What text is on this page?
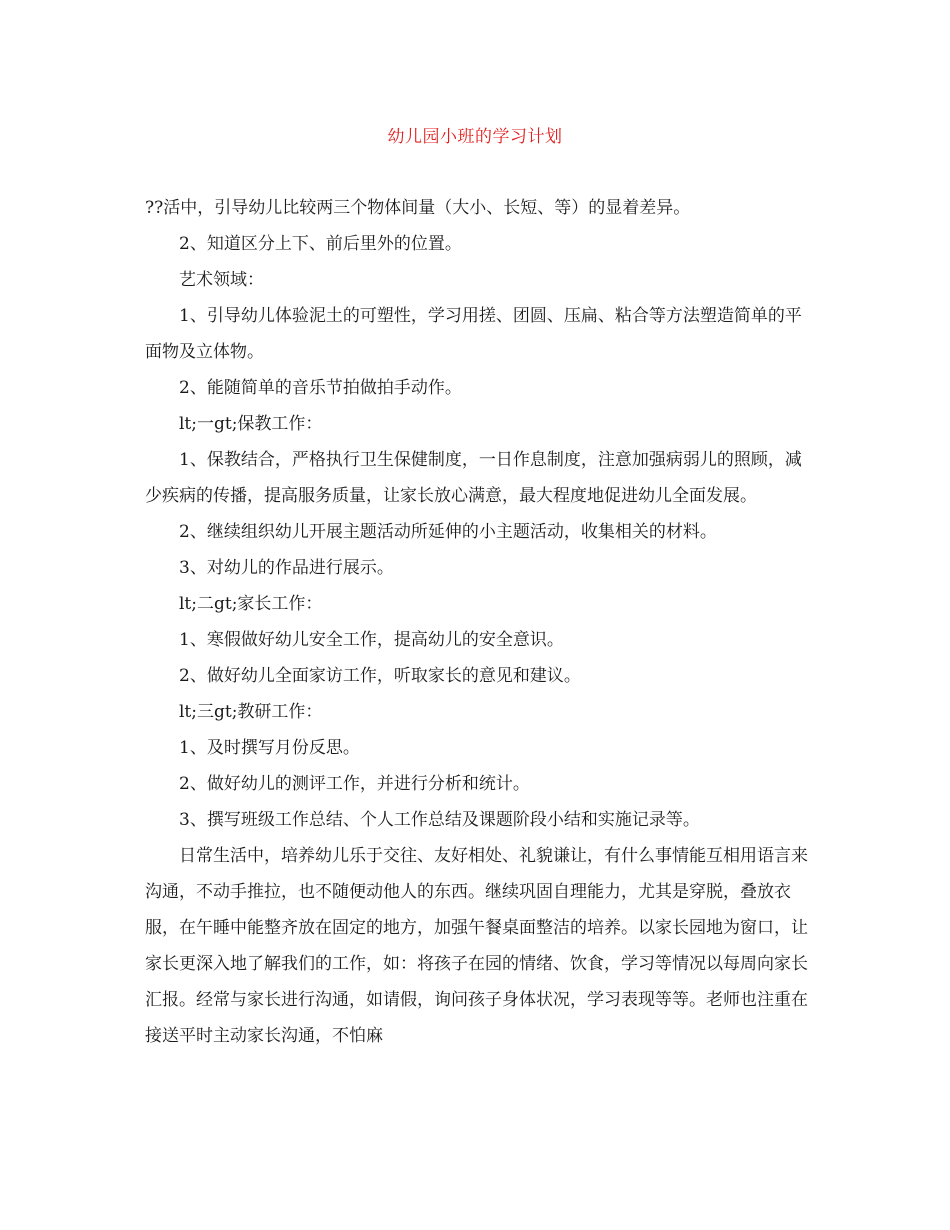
幼儿园小班的学习计划

??活中，引导幼儿比较两三个物体间量（大小、长短、等）的显着差异。

2、知道区分上下、前后里外的位置。

艺术领域：

1、引导幼儿体验泥土的可塑性，学习用搓、团圆、压扁、粘合等方法塑造简单的平面物及立体物。

2、能随简单的音乐节拍做拍手动作。

lt;一gt;保教工作：

1、保教结合，严格执行卫生保健制度，一日作息制度，注意加强病弱儿的照顾，减少疾病的传播，提高服务质量，让家长放心满意，最大程度地促进幼儿全面发展。

2、继续组织幼儿开展主题活动所延伸的小主题活动，收集相关的材料。

3、对幼儿的作品进行展示。

lt;二gt;家长工作：

1、寒假做好幼儿安全工作，提高幼儿的安全意识。

2、做好幼儿全面家访工作，听取家长的意见和建议。

lt;三gt;教研工作：

1、及时撰写月份反思。

2、做好幼儿的测评工作，并进行分析和统计。

3、撰写班级工作总结、个人工作总结及课题阶段小结和实施记录等。

日常生活中，培养幼儿乐于交往、友好相处、礼貌谦让，有什么事情能互相用语言来沟通，不动手推拉，也不随便动他人的东西。继续巩固自理能力，尤其是穿脱，叠放衣服，在午睡中能整齐放在固定的地方，加强午餐桌面整洁的培养。以家长园地为窗口，让家长更深入地了解我们的工作，如：将孩子在园的情绪、饮食，学习等情况以每周向家长汇报。经常与家长进行沟通，如请假，询问孩子身体状况，学习表现等等。老师也注重在接送平时主动家长沟通，不怕麻
